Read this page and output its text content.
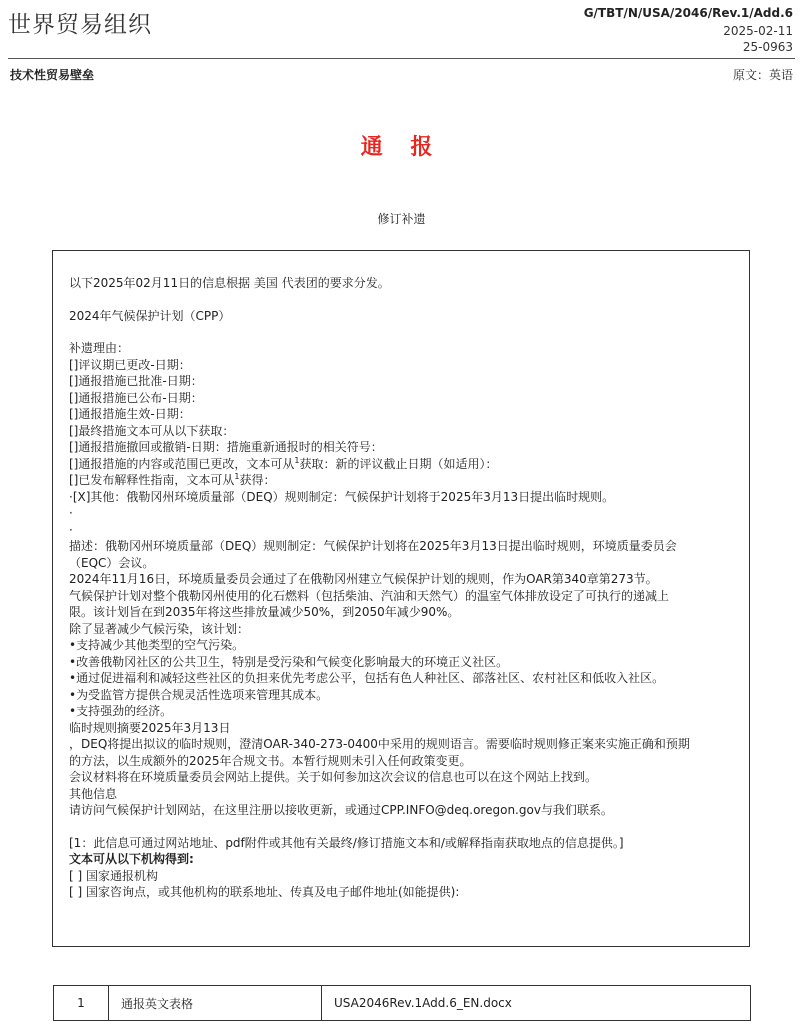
世界贸易组织	G/TBT/N/USA/2046/Rev.1/Add.6
2025-02-11
25-0963
技术性贸易壁垒	原文：英语
通 报
修订补遗

以下2025年02月11日的信息根据 美国 代表团的要求分发。

2024年气候保护计划（CPP）

补遗理由：

[]评议期已更改-日期：

[]通报措施已批准-日期：

[]通报措施已公布-日期：

[]通报措施生效-日期：

[]最终措施文本可从以下获取：

[]通报措施撤回或撤销-日期：措施重新通报时的相关符号：

[]通报措施的内容或范围已更改，文本可从$^1$获取：新的评议截止日期（如适用）：

[]已发布解释性指南，文本可从$^1$获得：

·[X]其他：俄勒冈州环境质量部（DEQ）规则制定：气候保护计划将于2025年3月13日提出临时规则。

·

·

描述：俄勒冈州环境质量部（DEQ）规则制定：气候保护计划将在2025年3月13日提出临时规则，环境质量委员会

（EQC）会议。

2024年11月16日，环境质量委员会通过了在俄勒冈州建立气候保护计划的规则，作为OAR第340章第273节。

气候保护计划对整个俄勒冈州使用的化石燃料（包括柴油、汽油和天然气）的温室气体排放设定了可执行的递减上

限。该计划旨在到2035年将这些排放量减少50%，到2050年减少90%。

除了显著减少气候污染，该计划：

•支持减少其他类型的空气污染。

•改善俄勒冈社区的公共卫生，特别是受污染和气候变化影响最大的环境正义社区。

•通过促进福利和减轻这些社区的负担来优先考虑公平，包括有色人种社区、部落社区、农村社区和低收入社区。

•为受监管方提供合规灵活性选项来管理其成本。

•支持强劲的经济。

临时规则摘要2025年3月13日

，DEQ将提出拟议的临时规则，澄清OAR-340-273-0400中采用的规则语言。需要临时规则修正案来实施正确和预期

的方法，以生成额外的2025年合规文书。本暂行规则未引入任何政策变更。

会议材料将在环境质量委员会网站上提供。关于如何参加这次会议的信息也可以在这个网站上找到。

其他信息

请访问气候保护计划网站，在这里注册以接收更新，或通过CPP.INFO@deq.oregon.gov与我们联系。

[1：此信息可通过网站地址、pdf附件或其他有关最终/修订措施文本和/或解释指南获取地点的信息提供。]

文本可从以下机构得到:

[ ] 国家通报机构

[ ] 国家咨询点，或其他机构的联系地址、传真及电子邮件地址(如能提供):

1	通报英文表格	USA2046Rev.1Add.6_EN.docx
